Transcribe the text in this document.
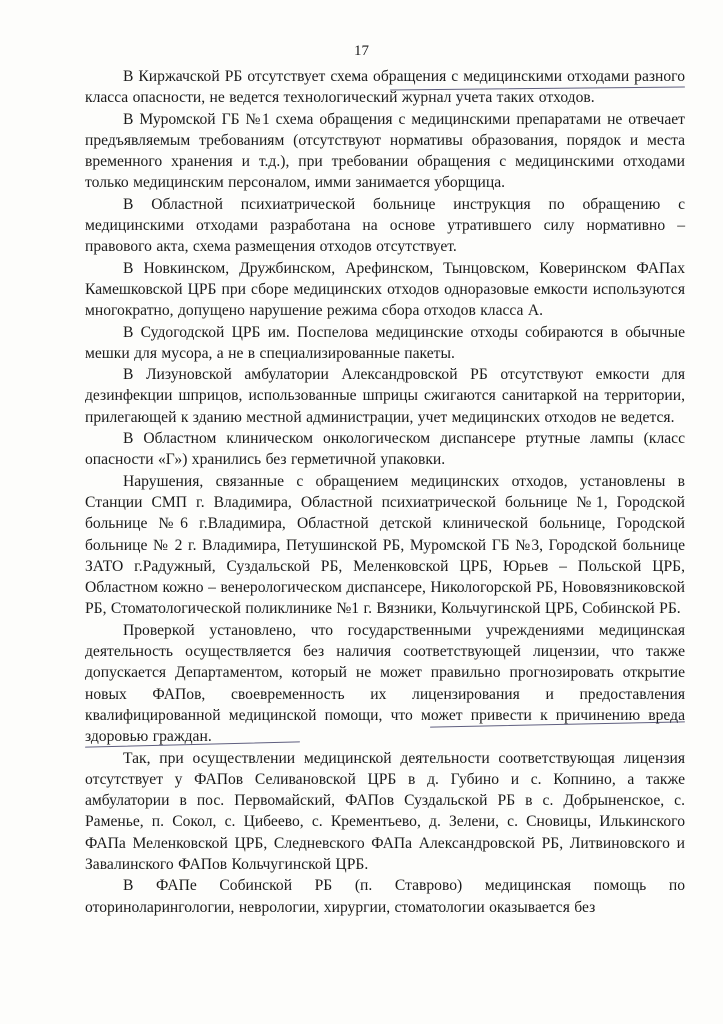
17

В Киржачской РБ отсутствует схема обращения с медицинскими отходами разного класса опасности, не ведется технологический журнал учета таких отходов.

В Муромской ГБ №1 схема обращения с медицинскими препаратами не отвечает предъявляемым требованиям (отсутствуют нормативы образования, порядок и места временного хранения и т.д.), при требовании обращения с медицинскими отходами только медицинским персоналом, имми занимается уборщица.

В Областной психиатрической больнице инструкция по обращению с медицинскими отходами разработана на основе утратившего силу нормативно – правового акта, схема размещения отходов отсутствует.

В Новкинском, Дружбинском, Арефинском, Тынцовском, Коверинском ФАПах Камешковской ЦРБ при сборе медицинских отходов одноразовые емкости используются многократно, допущено нарушение режима сбора отходов класса А.

В Судогодской ЦРБ им. Поспелова медицинские отходы собираются в обычные мешки для мусора, а не в специализированные пакеты.

В Лизуновской амбулатории Александровской РБ отсутствуют емкости для дезинфекции шприцов, использованные шприцы сжигаются санитаркой на территории, прилегающей к зданию местной администрации, учет медицинских отходов не ведется.

В Областном клиническом онкологическом диспансере ртутные лампы (класс опасности «Г») хранились без герметичной упаковки.

Нарушения, связанные с обращением медицинских отходов, установлены в Станции СМП г. Владимира, Областной психиатрической больнице №1, Городской больнице №6 г.Владимира, Областной детской клинической больнице, Городской больнице № 2 г. Владимира, Петушинской РБ, Муромской ГБ №3, Городской больнице ЗАТО г.Радужный, Суздальской РБ, Меленковской ЦРБ, Юрьев – Польской ЦРБ, Областном кожно – венерологическом диспансере, Никологорской РБ, Нововязниковской РБ, Стоматологической поликлинике №1 г. Вязники, Кольчугинской ЦРБ, Собинской РБ.

Проверкой установлено, что государственными учреждениями медицинская деятельность осуществляется без наличия соответствующей лицензии, что также допускается Департаментом, который не может правильно прогнозировать открытие новых ФАПов, своевременность их лицензирования и предоставления квалифицированной медицинской помощи, что может привести к причинению вреда здоровью граждан.

Так, при осуществлении медицинской деятельности соответствующая лицензия отсутствует у ФАПов Селивановской ЦРБ в д. Губино и с. Копнино, а также амбулатории в пос. Первомайский, ФАПов Суздальской РБ в с. Добрыненское, с. Раменье, п. Сокол, с. Цибеево, с. Крементьево, д. Зелени, с. Сновицы, Илькинского ФАПа Меленковской ЦРБ, Следневского ФАПа Александровской РБ, Литвиновского и Завалинского ФАПов Кольчугинской ЦРБ.

В ФАПе Собинской РБ (п. Ставрово) медицинская помощь по оториноларингологии, неврологии, хирургии, стоматологии оказывается без
